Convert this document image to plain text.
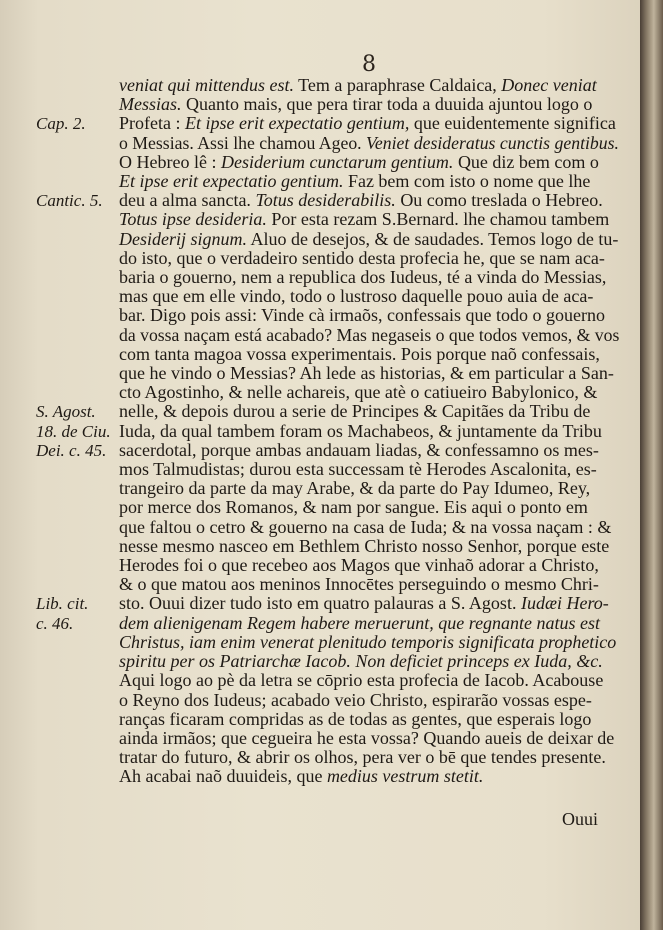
8
veniat qui mittendus est. Tem a paraphrase Caldaica, Donec veniat
Messias. Quanto mais, que pera tirar toda a duuida ajuntou logo o
Profeta : Et ipse erit expectatio gentium, que euidentemente significa
o Messias. Assi lhe chamou Ageo. Veniet desideratus cunctis gentibus.
O Hebreo lê : Desiderium cunctarum gentium. Que diz bem com o
Et ipse erit expectatio gentium. Faz bem com isto o nome que lhe
deu a alma sancta. Totus desiderabilis. Ou como treslada o Hebreo.
Totus ipse desideria. Por esta rezam S.Bernard. lhe chamou tambem
Desiderij signum. Aluo de desejos, & de saudades. Temos logo de tu-
do isto, que o verdadeiro sentido desta profecia he, que se nam aca-
baria o gouerno, nem a republica dos Iudeus, té a vinda do Messias,
mas que em elle vindo, todo o lustroso daquelle pouo auia de aca-
bar. Digo pois assi: Vinde cà irmaõs, confessais que todo o gouerno
da vossa naçam está acabado? Mas negaseis o que todos vemos, & vos
com tanta magoa vossa experimentais. Pois porque naõ confessais,
que he vindo o Messias? Ah lede as historias, & em particular a San-
cto Agostinho, & nelle achareis, que atè o catiueiro Babylonico, &
nelle, & depois durou a serie de Principes & Capitães da Tribu de
Iuda, da qual tambem foram os Machabeos, & juntamente da Tribu
sacerdotal, porque ambas andauam liadas, & confessamno os mes-
mos Talmudistas; durou esta successam tè Herodes Ascalonita, es-
trangeiro da parte da may Arabe, & da parte do Pay Idumeo, Rey,
por merce dos Romanos, & nam por sangue. Eis aqui o ponto em
que faltou o cetro & gouerno na casa de Iuda; & na vossa naçam : &
nesse mesmo nasceo em Bethlem Christo nosso Senhor, porque este
Herodes foi o que recebeo aos Magos que vinhaõ adorar a Christo,
& o que matou aos meninos Innocētes perseguindo o mesmo Chri-
sto. Ouui dizer tudo isto em quatro palauras a S. Agost. Iudæi Hero-
dem alienigenam Regem habere meruerunt, que regnante natus est
Christus, iam enim venerat plenitudo temporis significata prophetico
spiritu per os Patriarchæ Iacob. Non deficiet princeps ex Iuda, &c.
Aqui logo ao pè da letra se cōprio esta profecia de Iacob. Acabouse
o Reyno dos Iudeus; acabado veio Christo, espirarão vossas espe-
ranças ficaram compridas as de todas as gentes, que esperais logo
ainda irmãos; que cegueira he esta vossa? Quando aueis de deixar de
tratar do futuro, & abrir os olhos, pera ver o bē que tendes presente.
Ah acabai naõ duuideis, que medius vestrum stetit.
Cap. 2.
Cantic. 5.
S. Agost.
18. de Ciu.
Dei. c. 45.
Lib. cit.
c. 46.
Ouui
